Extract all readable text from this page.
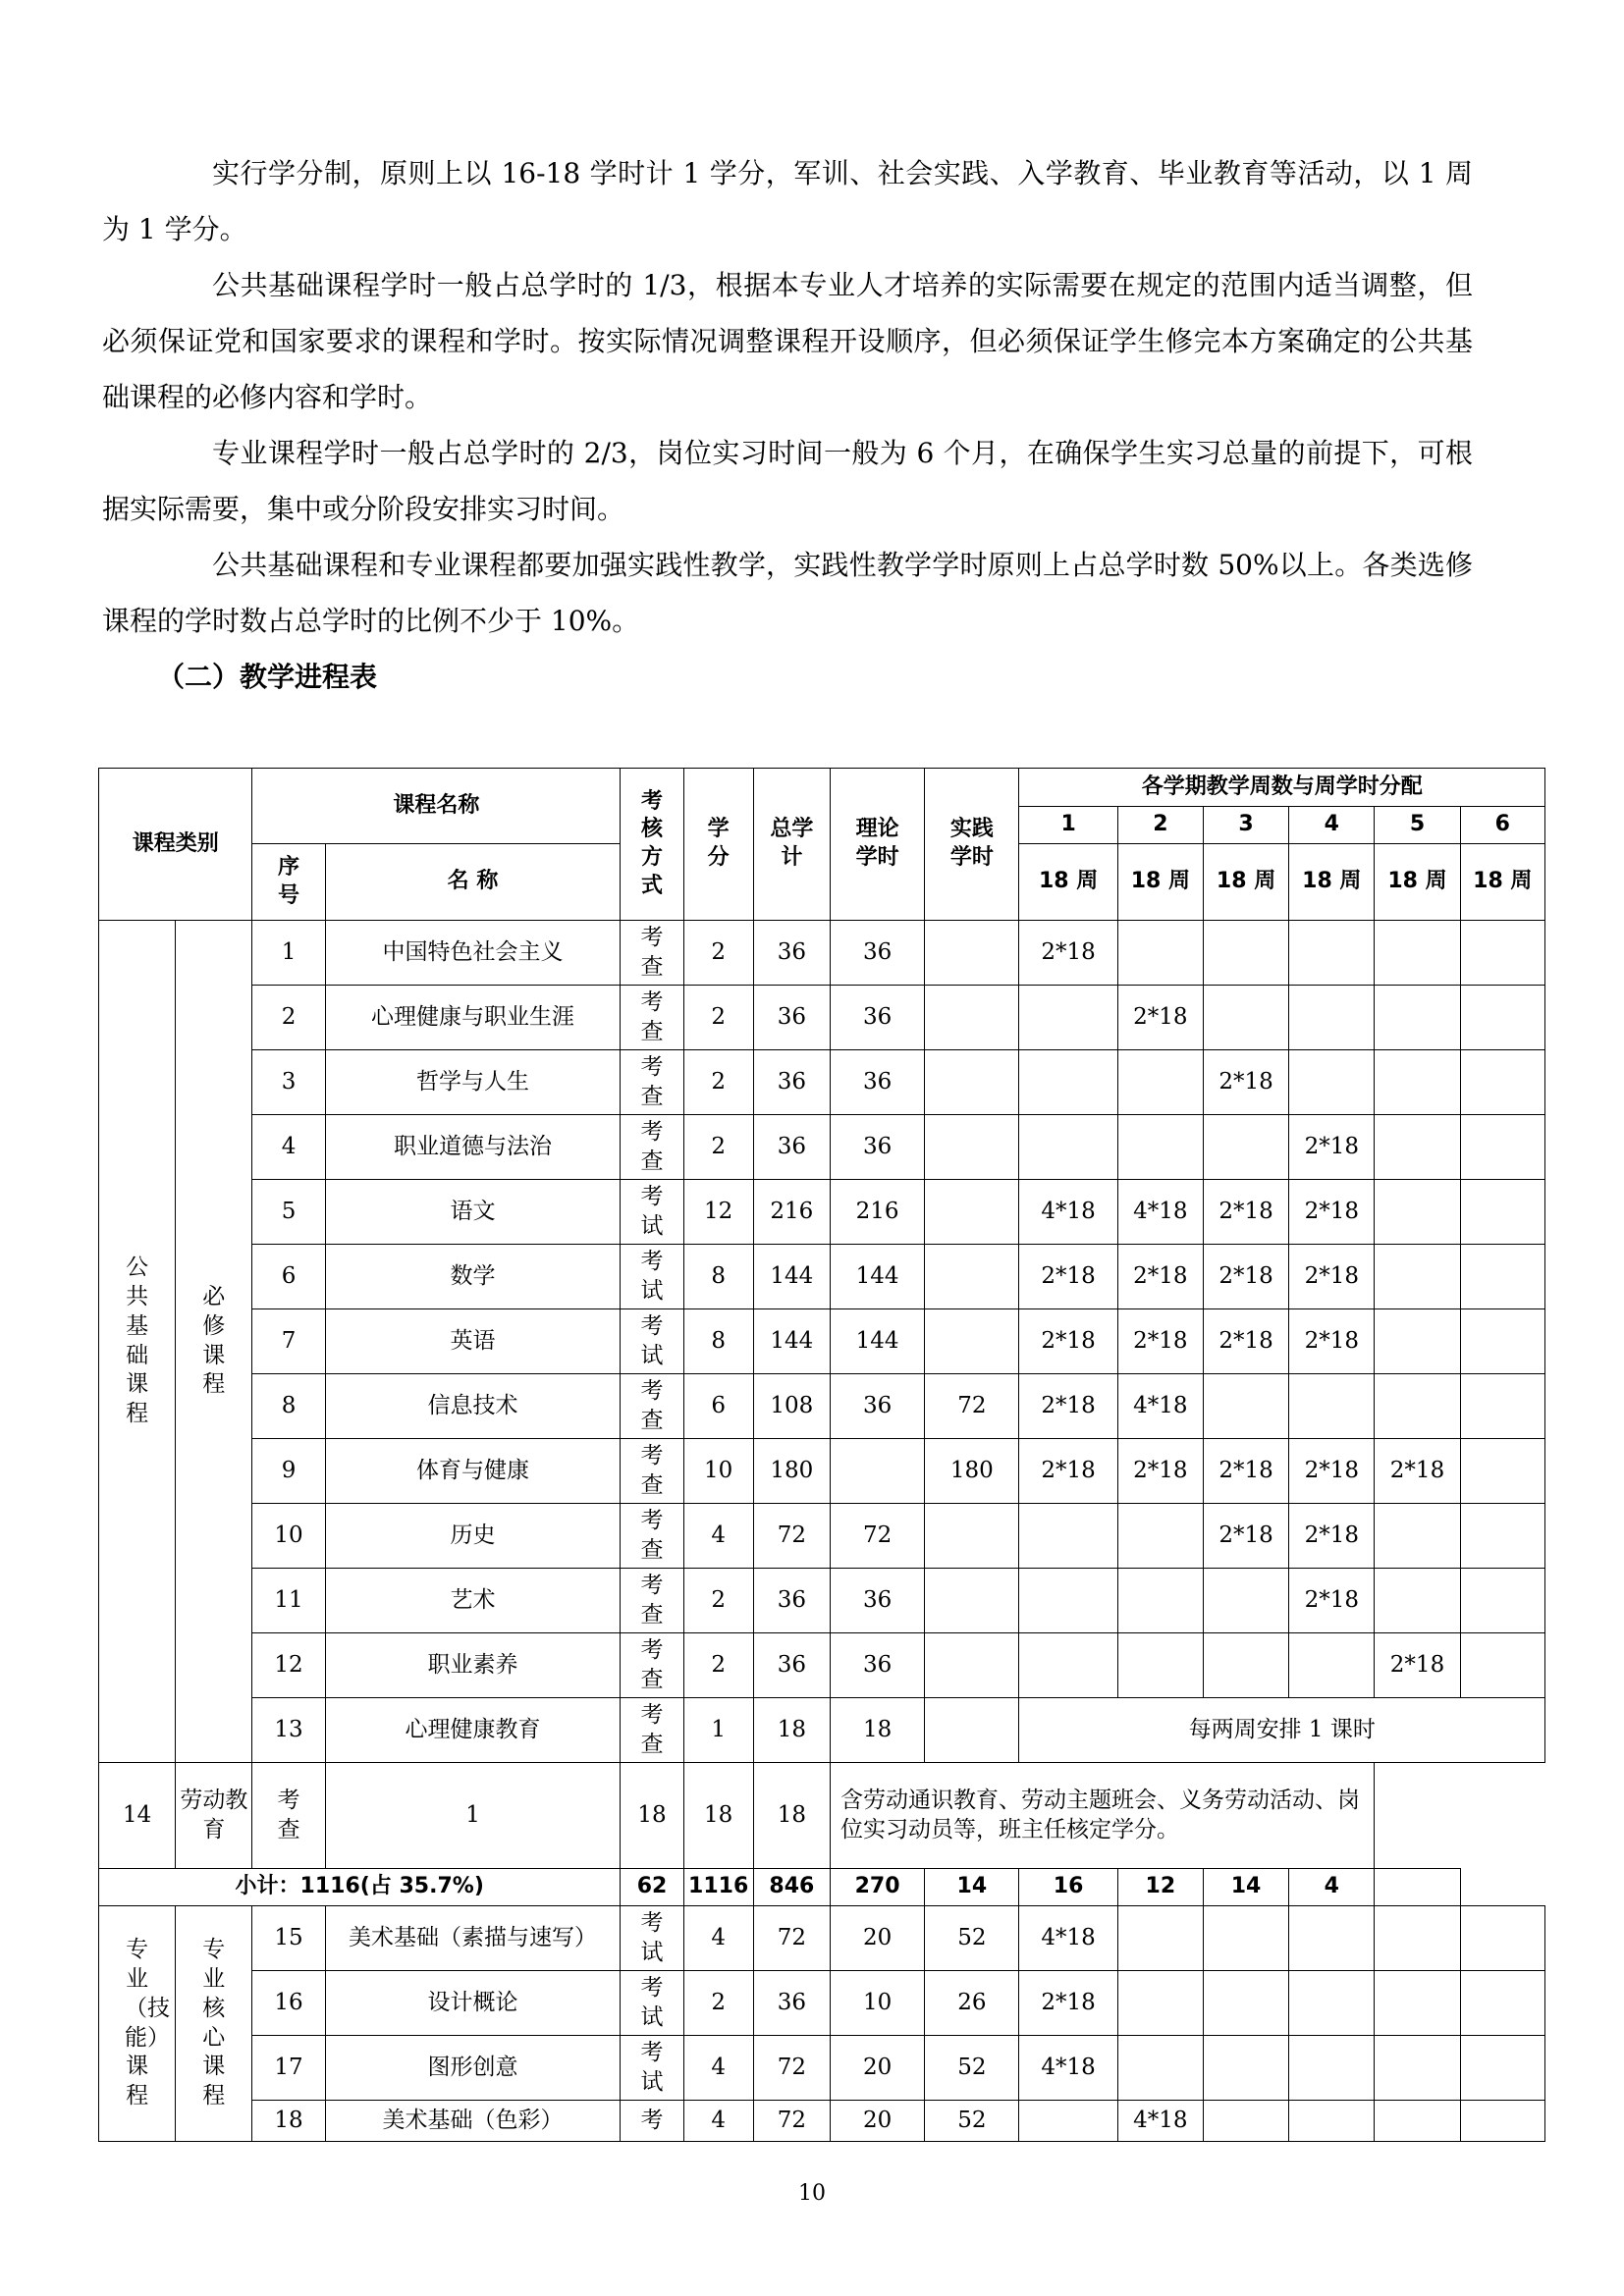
实行学分制，原则上以 16-18 学时计 1 学分，军训、社会实践、入学教育、毕业教育等活动，以 1 周为 1 学分。

公共基础课程学时一般占总学时的 1/3，根据本专业人才培养的实际需要在规定的范围内适当调整，但必须保证党和国家要求的课程和学时。按实际情况调整课程开设顺序，但必须保证学生修完本方案确定的公共基础课程的必修内容和学时。

专业课程学时一般占总学时的 2/3，岗位实习时间一般为 6 个月，在确保学生实习总量的前提下，可根据实际需要，集中或分阶段安排实习时间。

公共基础课程和专业课程都要加强实践性教学，实践性教学学时原则上占总学时数 50%以上。各类选修课程的学时数占总学时的比例不少于 10%。

（二）教学进程表
课程类别		课程名称		考核方式	学分	总学计	理论学时	实践学时	各学期教学周数与周学时分配					
									1	2	3	4	5	6
		序号	名 称						18 周	18 周	18 周	18 周	18 周	18 周
公共基础课程	必修课程	1	中国特色社会主义	考查	2	36	36		2*18					
		2	心理健康与职业生涯	考查	2	36	36			2*18				
		3	哲学与人生	考查	2	36	36				2*18			
		4	职业道德与法治	考查	2	36	36					2*18		
		5	语文	考试	12	216	216		4*18	4*18	2*18	2*18		
		6	数学	考试	8	144	144		2*18	2*18	2*18	2*18		
		7	英语	考试	8	144	144		2*18	2*18	2*18	2*18		
		8	信息技术	考查	6	108	36	72	2*18	4*18				
		9	体育与健康	考查	10	180		180	2*18	2*18	2*18	2*18	2*18	
		10	历史	考查	4	72	72				2*18	2*18		
		11	艺术	考查	2	36	36					2*18		
		12	职业素养	考查	2	36	36						2*18	
		13	心理健康教育	考查	1	18	18		每两周安排 1 课时					
14	劳动教育	考查	1	18	18	18	含劳动通识教育、劳动主题班会、义务劳动活动、岗位实习动员等，班主任核定学分。							
小计：1116(占 35.7%)				62	1116	846	270	14	16	12	14	4		
专业（技能）课程	专业核心课程	15	美术基础（素描与速写）	考试	4	72	20	52	4*18					
		16	设计概论	考试	2	36	10	26	2*18					
		17	图形创意	考试	4	72	20	52	4*18					
		18	美术基础（色彩）	考	4	72	20	52		4*18				

10
